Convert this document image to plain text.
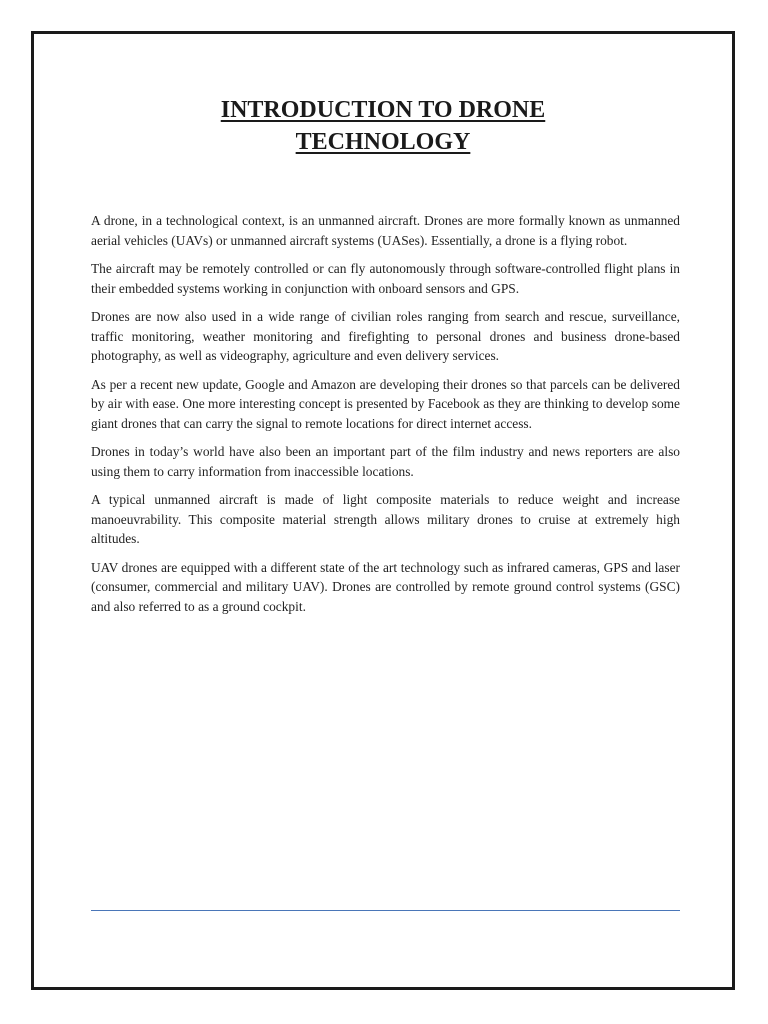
INTRODUCTION TO DRONE
TECHNOLOGY

A drone, in a technological context, is an unmanned aircraft. Drones are more formally known as unmanned aerial vehicles (UAVs) or unmanned aircraft systems (UASes). Essentially, a drone is a flying robot.

The aircraft may be remotely controlled or can fly autonomously through software-controlled flight plans in their embedded systems working in conjunction with onboard sensors and GPS.

Drones are now also used in a wide range of civilian roles ranging from search and rescue, surveillance, traffic monitoring, weather monitoring and firefighting to personal drones and business drone-based photography, as well as videography, agriculture and even delivery services.

As per a recent new update, Google and Amazon are developing their drones so that parcels can be delivered by air with ease. One more interesting concept is presented by Facebook as they are thinking to develop some giant drones that can carry the signal to remote locations for direct internet access.

Drones in today’s world have also been an important part of the film industry and news reporters are also using them to carry information from inaccessible locations.

A typical unmanned aircraft is made of light composite materials to reduce weight and increase manoeuvrability. This composite material strength allows military drones to cruise at extremely high altitudes.

UAV drones are equipped with a different state of the art technology such as infrared cameras, GPS and laser (consumer, commercial and military UAV). Drones are controlled by remote ground control systems (GSC) and also referred to as a ground cockpit.
